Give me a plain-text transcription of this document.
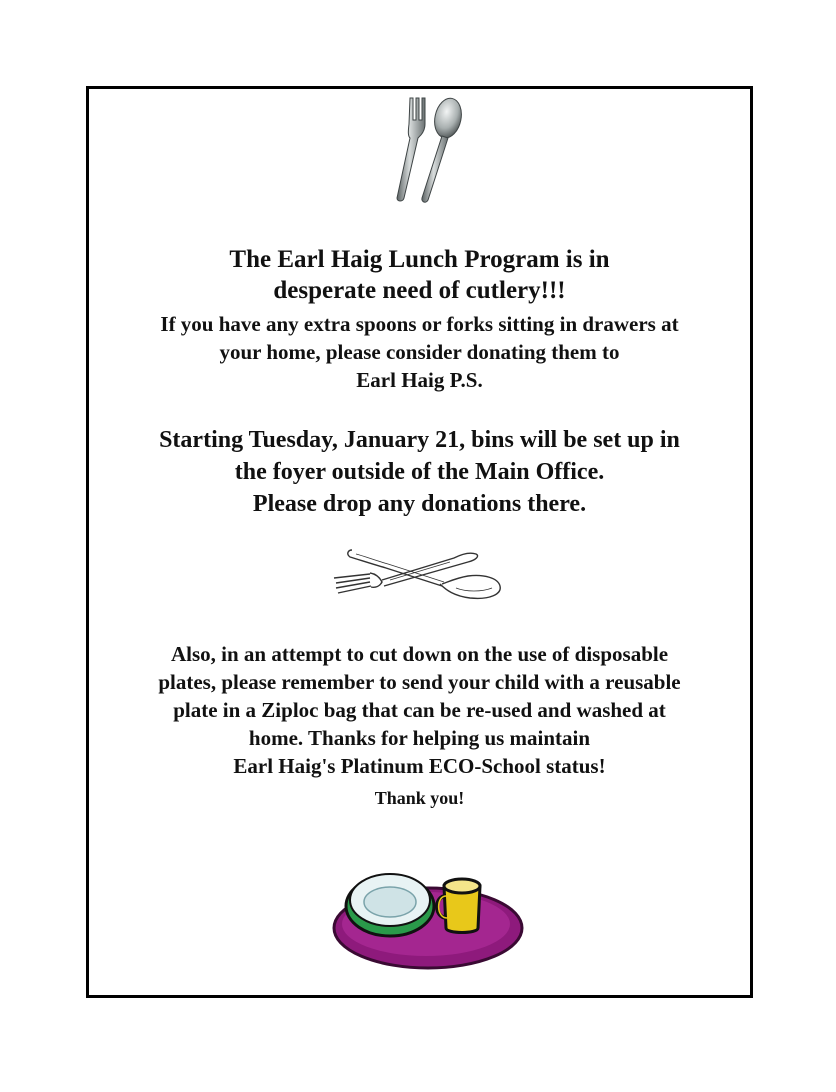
The Earl Haig Lunch Program is in
desperate need of cutlery!!!

If you have any extra spoons or forks sitting in drawers at
your home, please consider donating them to
Earl Haig P.S.

Starting Tuesday, January 21, bins will be set up in
the foyer outside of the Main Office.
Please drop any donations there.

Also, in an attempt to cut down on the use of disposable
plates, please remember to send your child with a reusable
plate in a Ziploc bag that can be re-used and washed at
home. Thanks for helping us maintain
Earl Haig's Platinum ECO-School status!

Thank you!
